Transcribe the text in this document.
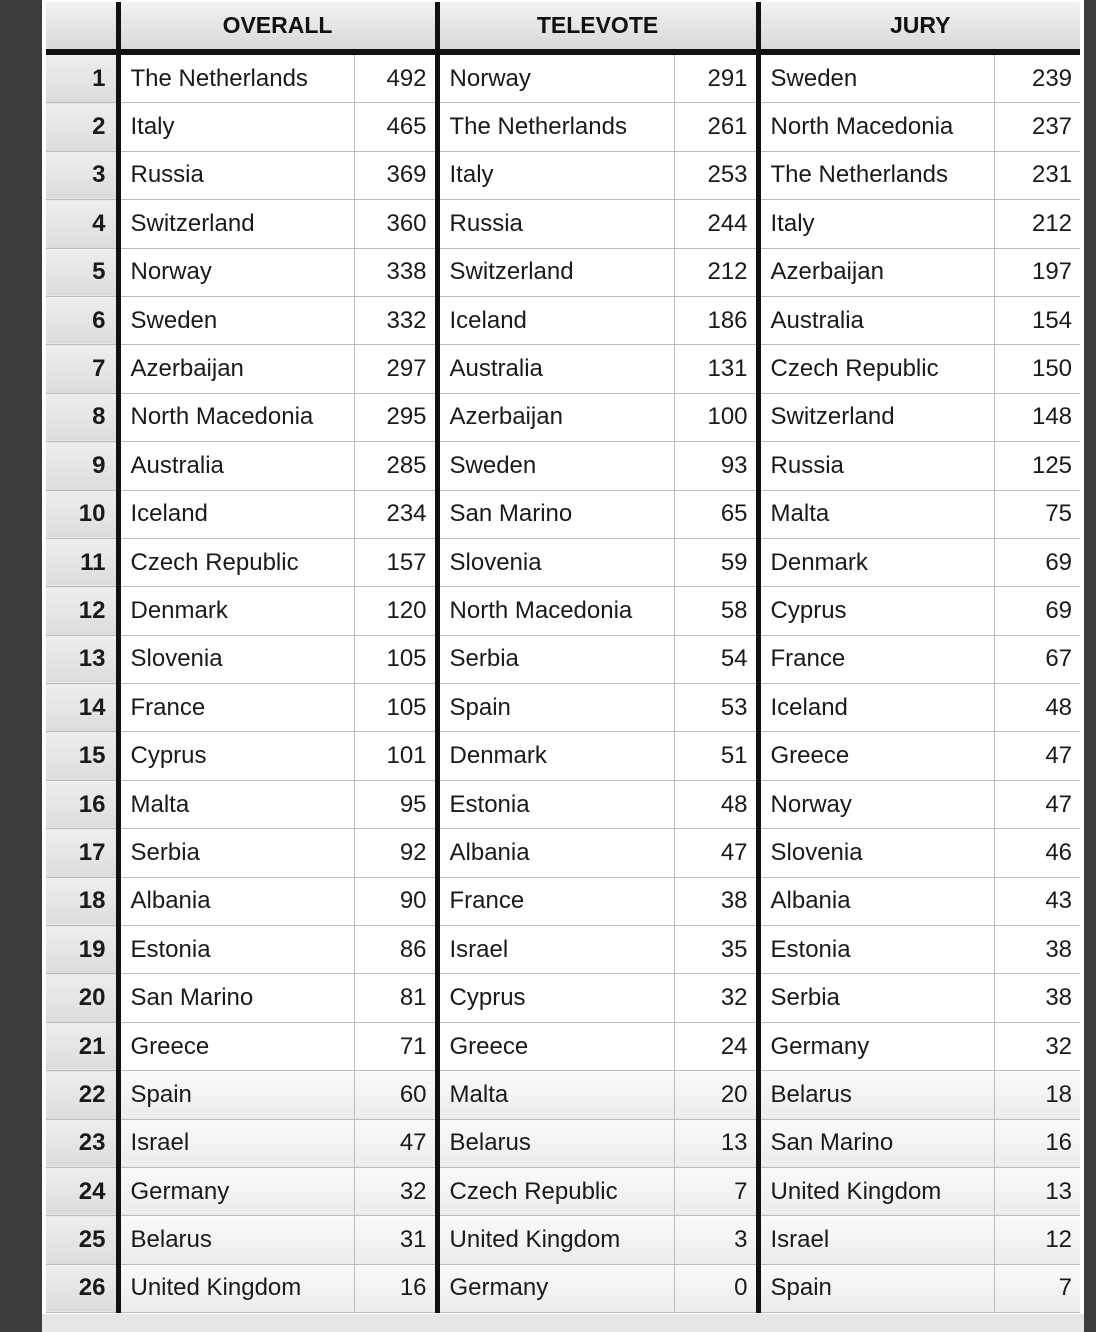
	OVERALL		TELEVOTE		JURY	
1	The Netherlands	492	Norway	291	Sweden	239
2	Italy	465	The Netherlands	261	North Macedonia	237
3	Russia	369	Italy	253	The Netherlands	231
4	Switzerland	360	Russia	244	Italy	212
5	Norway	338	Switzerland	212	Azerbaijan	197
6	Sweden	332	Iceland	186	Australia	154
7	Azerbaijan	297	Australia	131	Czech Republic	150
8	North Macedonia	295	Azerbaijan	100	Switzerland	148
9	Australia	285	Sweden	93	Russia	125
10	Iceland	234	San Marino	65	Malta	75
11	Czech Republic	157	Slovenia	59	Denmark	69
12	Denmark	120	North Macedonia	58	Cyprus	69
13	Slovenia	105	Serbia	54	France	67
14	France	105	Spain	53	Iceland	48
15	Cyprus	101	Denmark	51	Greece	47
16	Malta	95	Estonia	48	Norway	47
17	Serbia	92	Albania	47	Slovenia	46
18	Albania	90	France	38	Albania	43
19	Estonia	86	Israel	35	Estonia	38
20	San Marino	81	Cyprus	32	Serbia	38
21	Greece	71	Greece	24	Germany	32
22	Spain	60	Malta	20	Belarus	18
23	Israel	47	Belarus	13	San Marino	16
24	Germany	32	Czech Republic	7	United Kingdom	13
25	Belarus	31	United Kingdom	3	Israel	12
26	United Kingdom	16	Germany	0	Spain	7
